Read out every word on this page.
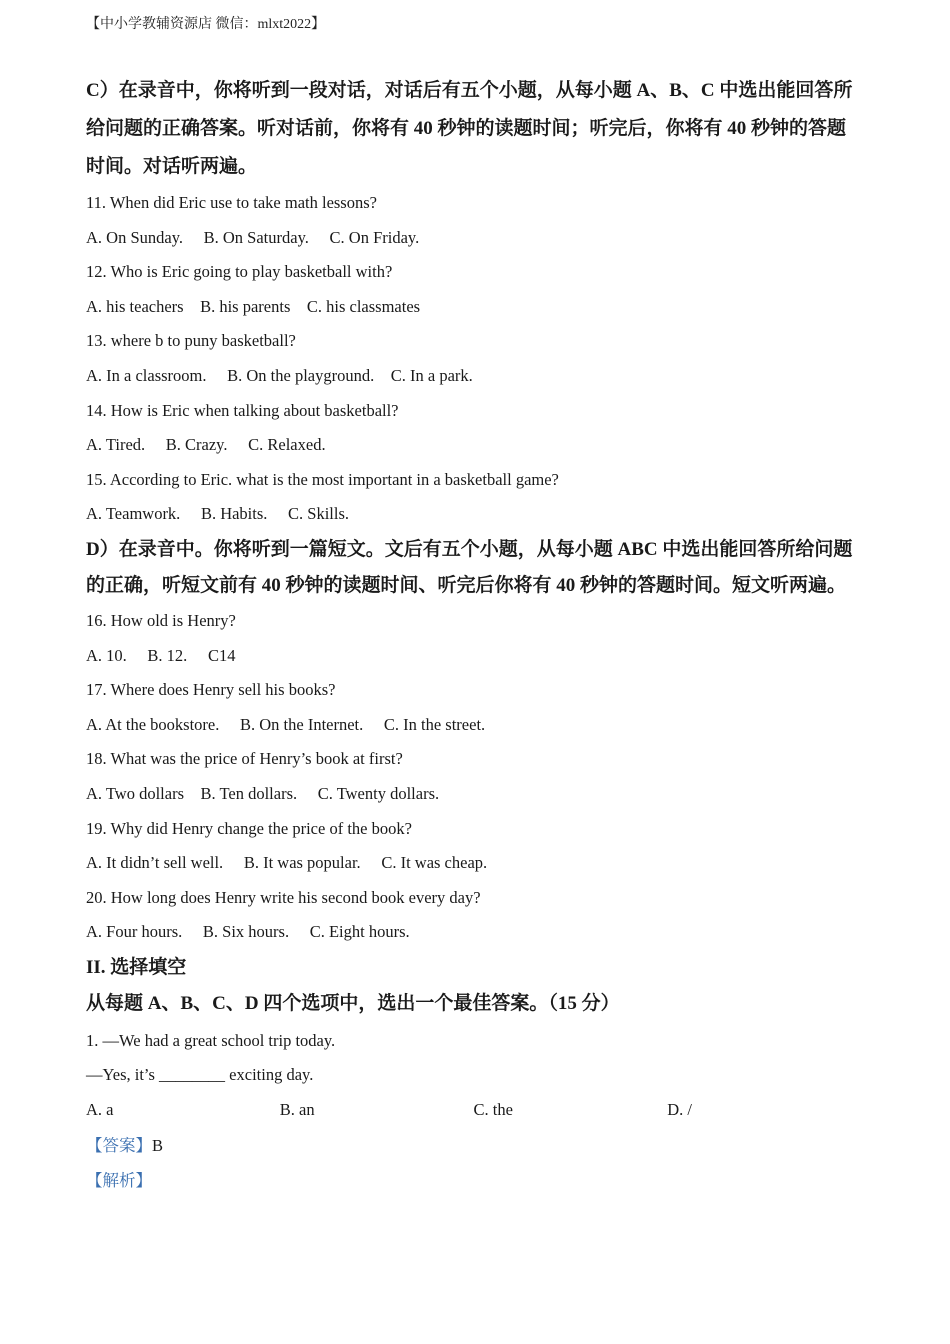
【中小学教辅资源店 微信：mlxt2022】

C）在录音中，你将听到一段对话，对话后有五个小题，从每小题 A、B、C 中选出能回答所给问题的正确答案。听对话前，你将有 40 秒钟的读题时间；听完后，你将有 40 秒钟的答题时间。对话听两遍。

11. When did Eric use to take math lessons?
A. On Sunday. B. On Saturday. C. On Friday.
12. Who is Eric going to play basketball with?
A. his teachers B. his parents C. his classmates
13. where b to puny basketball?
A. In a classroom. B. On the playground. C. In a park.
14. How is Eric when talking about basketball?
A. Tired. B. Crazy. C. Relaxed.
15. According to Eric. what is the most important in a basketball game?
A. Teamwork. B. Habits. C. Skills.

D）在录音中。你将听到一篇短文。文后有五个小题，从每小题 ABC 中选出能回答所给问题的正确，听短文前有 40 秒钟的读题时间、听完后你将有 40 秒钟的答题时间。短文听两遍。

16. How old is Henry?
A. 10. B. 12. C14
17. Where does Henry sell his books?
A. At the bookstore. B. On the Internet. C. In the street.
18. What was the price of Henry’s book at first?
A. Two dollars B. Ten dollars. C. Twenty dollars.
19. Why did Henry change the price of the book?
A. It didn’t sell well. B. It was popular. C. It was cheap.
20. How long does Henry write his second book every day?
A. Four hours. B. Six hours. C. Eight hours.
II. 选择填空
从每题 A、B、C、D 四个选项中，选出一个最佳答案。（15 分）
1. —We had a great school trip today.
—Yes, it’s ________ exciting day.
A. a	B. an	C. the	D. /
【答案】B
【解析】
